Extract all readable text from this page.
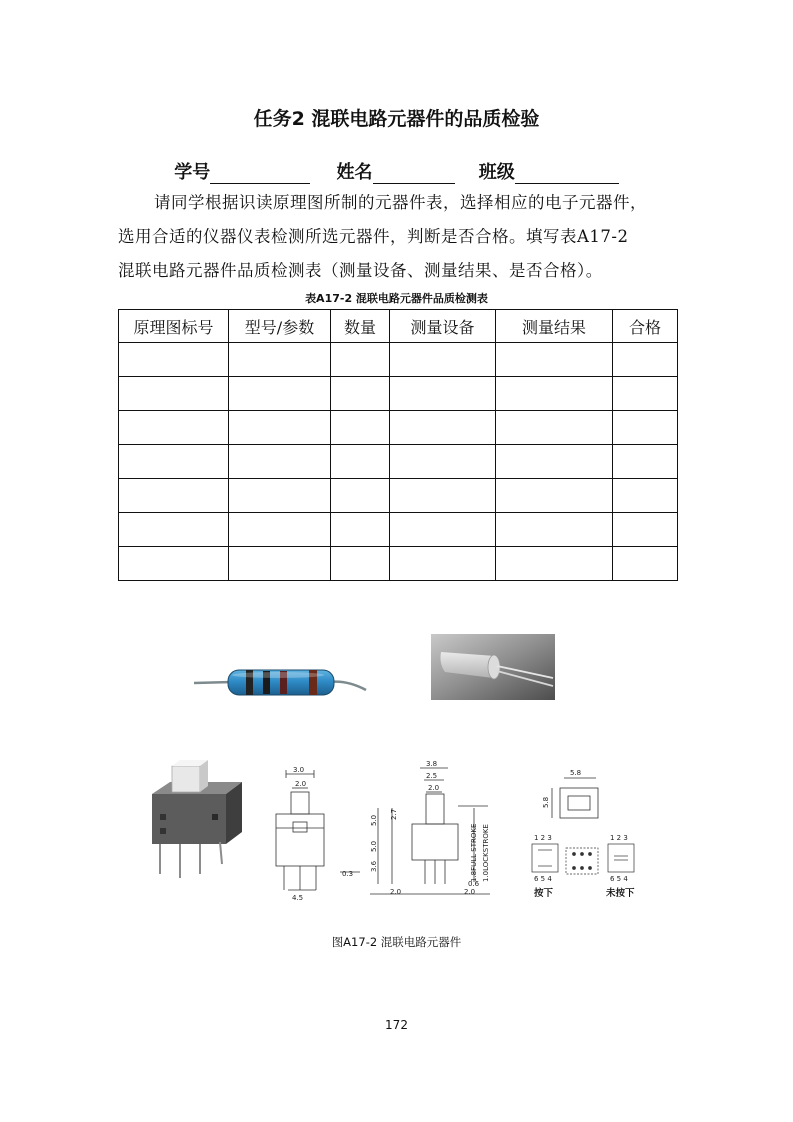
任务2 混联电路元器件的品质检验
学号	姓名	班级
请同学根据识读原理图所制的元器件表，选择相应的电子元器件，
选用合适的仪器仪表检测所选元器件，判断是否合格。填写表A17-2
混联电路元器件品质检测表（测量设备、测量结果、是否合格）。
表A17-2 混联电路元器件品质检测表
原理图标号	型号/参数	数量	测量设备	测量结果	合格

3.0
2.0
4.5
3.8
2.5
2.0
5.0
2.7
5.0
3.6
0.3
0.6
2.0	2.0
1.8FULL STROKE 1.0LOCKSTROKE
5.8
5.8
1 2 3
6 5 4
按下
1 2 3
6 5 4
未按下
图A17-2 混联电路元器件
172
